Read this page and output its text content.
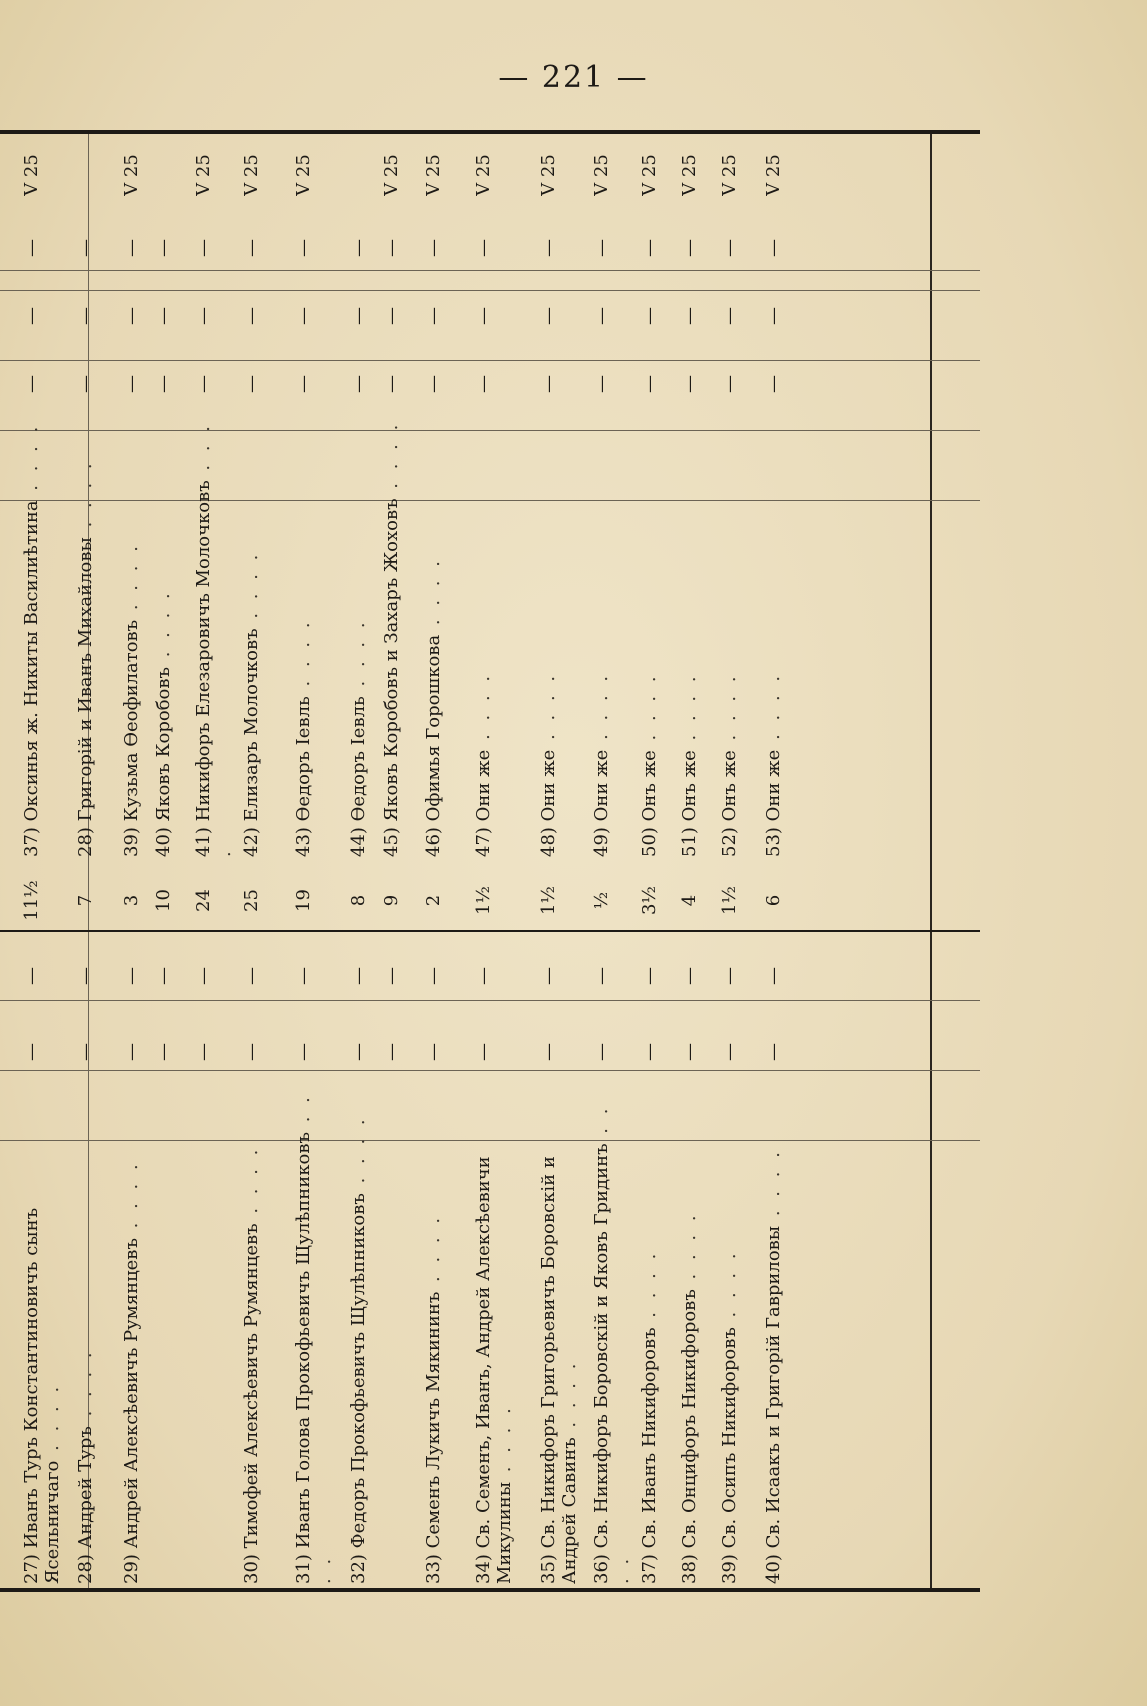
— 221 —
27) Иванъ Туръ Константиновичъ сынъ Ясельничаго . . . .
—
—
11½
28) Андрей Туръ . . . .
—
—
7
29) Андрей Алексѣевичъ Румянцевъ . . . .
—
—
3
—
—
10
—
—
24
30) Тимофей Алексѣевичъ Румянцевъ . . . .
—
—
25
31) Иванъ Голова Прокофьевичъ Щулѣпниковъ . . . .
—
—
19
32) Федоръ Прокофьевичъ Щулѣпниковъ . . . .
—
—
8
—
—
9
33) Семенъ Лукичъ Мякининъ . . . .
—
—
2
34) Св. Семенъ, Иванъ, Андрей Алексѣевичи Микулины . . . .
—
—
1½
35) Св. Никифоръ Григорьевичъ Боровскій и Андрей Савинъ . . . .
—
—
1½
36) Св. Никифоръ Боровскій и Яковъ Гридинъ . . . .
—
—
½
37) Св. Иванъ Никифоровъ . . . .
—
—
3½
38) Св. Онцифоръ Никифоровъ . . . .
—
—
4
39) Св. Осипъ Никифоровъ . . . .
—
—
1½
40) Св. Исаакъ и Григорій Гавриловы . . . .
—
—
6
37) Оксинья ж. Никиты Василиѣтина . . . .
—
—
—
V 25
28) Григорій и Иванъ Михайловы . . . .
—
—
—
39) Кузьма Ѳеофилатовъ . . . .
—
—
—
V 25
40) Яковъ Коробовъ . . . .
—
—
—
41) Никифоръ Елезаровичъ Молочковъ . . . .
—
—
—
V 25
42) Елизаръ Молочковъ . . . .
—
—
—
V 25
43) Ѳедоръ Іевль . . . .
—
—
—
V 25
44) Ѳедоръ Іевль . . . .
—
—
—
45) Яковъ Коробовъ и Захаръ Жоховъ . . . .
—
—
—
V 25
46) Офимья Горошкова . . . .
—
—
—
V 25
47) Они же . . . .
—
—
—
V 25
48) Они же . . . .
—
—
—
V 25
49) Они же . . . .
—
—
—
V 25
50) Онъ же . . . .
—
—
—
V 25
51) Онъ же . . . .
—
—
—
V 25
52) Онъ же . . . .
—
—
—
V 25
53) Они же . . . .
—
—
—
V 25
